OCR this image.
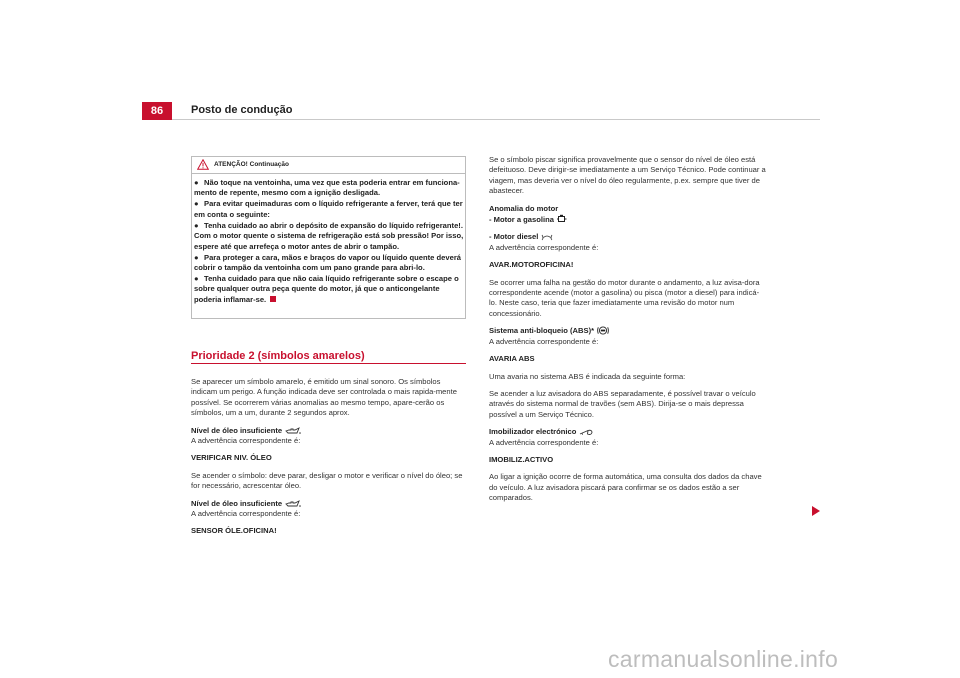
86	Posto de condução
ATENÇÃO! Continuação
● Não toque na ventoinha, uma vez que esta poderia entrar em funciona-mento de repente, mesmo com a ignição desligada.
● Para evitar queimaduras com o líquido refrigerante a ferver, terá que ter em conta o seguinte:
● Tenha cuidado ao abrir o depósito de expansão do líquido refrigerante!. Com o motor quente o sistema de refrigeração está sob pressão! Por isso, espere até que arrefeça o motor antes de abrir o tampão.
● Para proteger a cara, mãos e braços do vapor ou líquido quente deverá cobrir o tampão da ventoinha com um pano grande para abri-lo.
● Tenha cuidado para que não caia líquido refrigerante sobre o escape o sobre qualquer outra peça quente do motor, já que o anticongelante poderia inflamar-se.
Prioridade 2 (símbolos amarelos)

Se aparecer um símbolo amarelo, é emitido um sinal sonoro. Os símbolos indicam um perigo. A função indicada deve ser controlada o mais rapida-mente possível. Se ocorrerem várias anomalias ao mesmo tempo, apare-cerão os símbolos, um a um, durante 2 segundos aprox.

Nível de óleo insuficiente
A advertência correspondente é:

VERIFICAR NIV. ÓLEO

Se acender o símbolo: deve parar, desligar o motor e verificar o nível do óleo; se for necessário, acrescentar óleo.

Nível de óleo insuficiente
A advertência correspondente é:

SENSOR ÓLE.OFICINA!

Se o símbolo piscar significa provavelmente que o sensor do nível de óleo está defeituoso. Deve dirigir-se imediatamente a um Serviço Técnico. Pode continuar a viagem, mas deveria ver o nível do óleo regularmente, p.ex. sempre que tiver de abastecer.

Anomalia do motor
- Motor a gasolina

- Motor diesel
A advertência correspondente é:

AVAR.MOTOROFICINA!

Se ocorrer uma falha na gestão do motor durante o andamento, a luz avisa-dora correspondente acende (motor a gasolina) ou pisca (motor a diesel) para indicá-lo. Neste caso, teria que fazer imediatamente uma revisão do motor num concessionário.

Sistema anti-bloqueio (ABS)*
A advertência correspondente é:

AVARIA ABS

Uma avaria no sistema ABS é indicada da seguinte forma:

Se acender a luz avisadora do ABS separadamente, é possível travar o veículo através do sistema normal de travões (sem ABS). Dirija-se o mais depressa possível a um Serviço Técnico.

Imobilizador electrónico
A advertência correspondente é:

IMOBILIZ.ACTIVO

Ao ligar a ignição ocorre de forma automática, uma consulta dos dados da chave do veículo. A luz avisadora piscará para confirmar se os dados estão a ser comparados.

carmanualsonline.info
